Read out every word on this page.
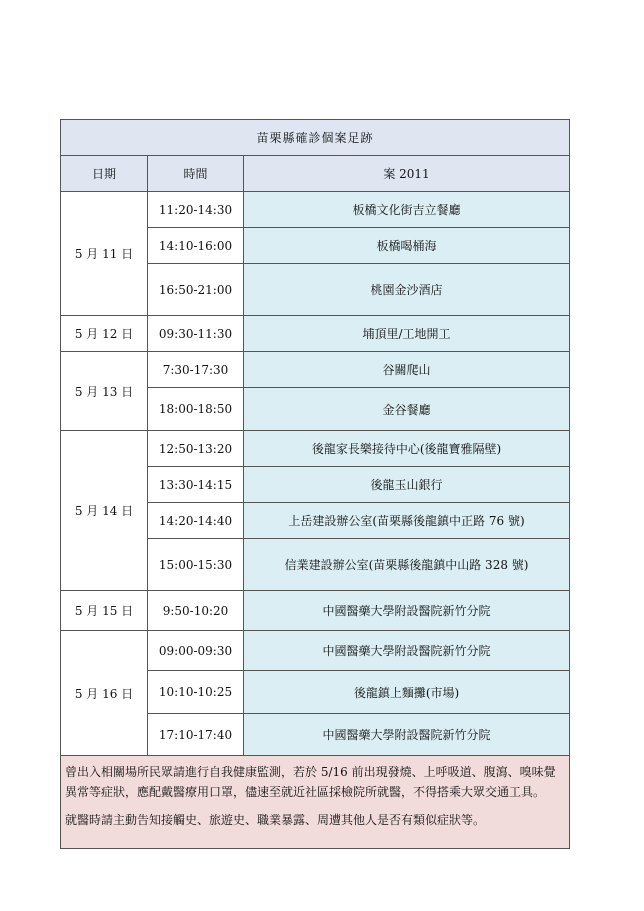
苗栗縣確診個案足跡		
日期	時間	案 2011
5 月 11 日	11:20-14:30	板橋文化街吉立餐廳
	14:10-16:00	板橋喝桶海
	16:50-21:00	桃園金沙酒店
5 月 12 日	09:30-11:30	埔頂里/工地開工
5 月 13 日	7:30-17:30	谷關爬山
	18:00-18:50	金谷餐廳
5 月 14 日	12:50-13:20	後龍家長樂接待中心(後龍寶雅隔壁)
	13:30-14:15	後龍玉山銀行
	14:20-14:40	上岳建設辦公室(苗栗縣後龍鎮中正路 76 號)
	15:00-15:30	信業建設辦公室(苗栗縣後龍鎮中山路 328 號)
5 月 15 日	9:50-10:20	中國醫藥大學附設醫院新竹分院
5 月 16 日	09:00-09:30	中國醫藥大學附設醫院新竹分院
	10:10-10:25	後龍鎮上麵攤(市場)
	17:10-17:40	中國醫藥大學附設醫院新竹分院

曾出入相關場所民眾請進行自我健康監測，若於 5/16 前出現發燒、上呼吸道、腹瀉、嗅味覺異常等症狀，應配戴醫療用口罩，儘速至就近社區採檢院所就醫，不得搭乘大眾交通工具。

就醫時請主動告知接觸史、旅遊史、職業暴露、周遭其他人是否有類似症狀等。		
